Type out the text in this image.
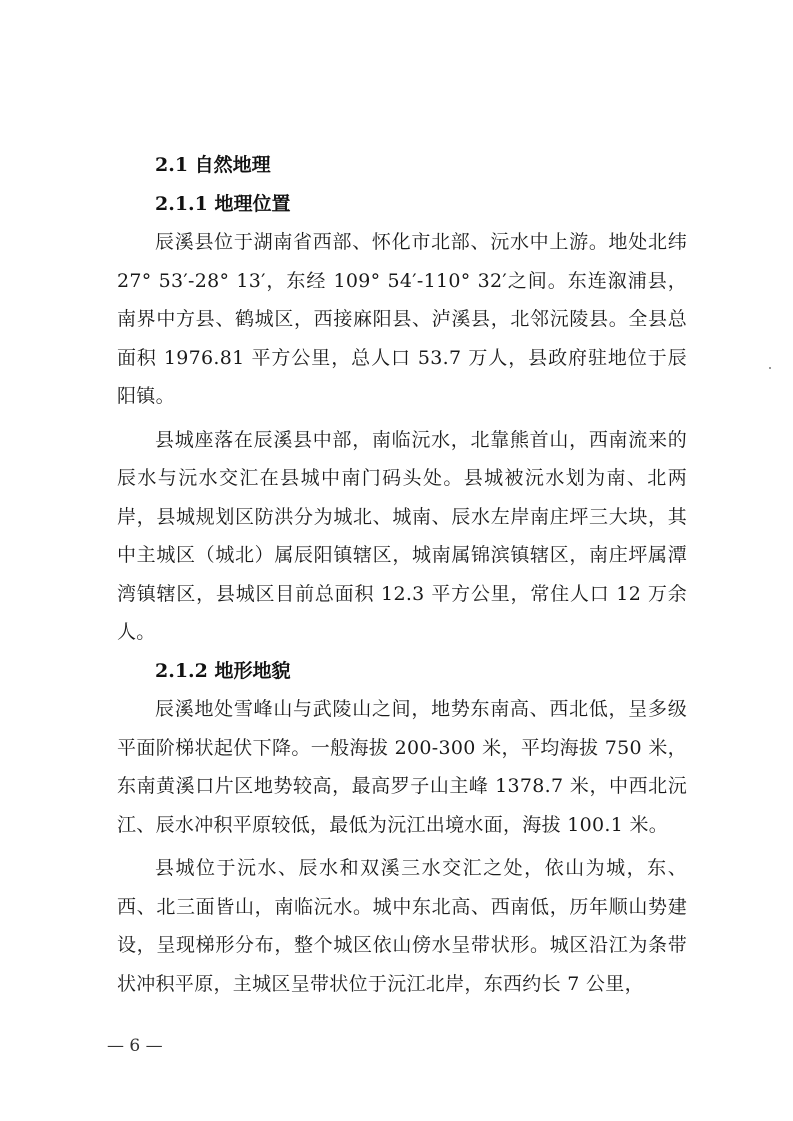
2.1 自然地理
2.1.1 地理位置

辰溪县位于湖南省西部、怀化市北部、沅水中上游。地处北纬 27° 53′-28° 13′，东经 109° 54′-110° 32′之间。东连溆浦县，南界中方县、鹤城区，西接麻阳县、泸溪县，北邻沅陵县。全县总面积 1976.81 平方公里，总人口 53.7 万人，县政府驻地位于辰阳镇。

县城座落在辰溪县中部，南临沅水，北靠熊首山，西南流来的辰水与沅水交汇在县城中南门码头处。县城被沅水划为南、北两岸，县城规划区防洪分为城北、城南、辰水左岸南庄坪三大块，其中主城区（城北）属辰阳镇辖区，城南属锦滨镇辖区，南庄坪属潭湾镇辖区，县城区目前总面积 12.3 平方公里，常住人口 12 万余人。

2.1.2 地形地貌

辰溪地处雪峰山与武陵山之间，地势东南高、西北低，呈多级平面阶梯状起伏下降。一般海拔 200-300 米，平均海拔 750 米，东南黄溪口片区地势较高，最高罗子山主峰 1378.7 米，中西北沅江、辰水冲积平原较低，最低为沅江出境水面，海拔 100.1 米。

县城位于沅水、辰水和双溪三水交汇之处，依山为城，东、西、北三面皆山，南临沅水。城中东北高、西南低，历年顺山势建设，呈现梯形分布，整个城区依山傍水呈带状形。城区沿江为条带状冲积平原，主城区呈带状位于沅江北岸，东西约长 7 公里，

— 6 —
